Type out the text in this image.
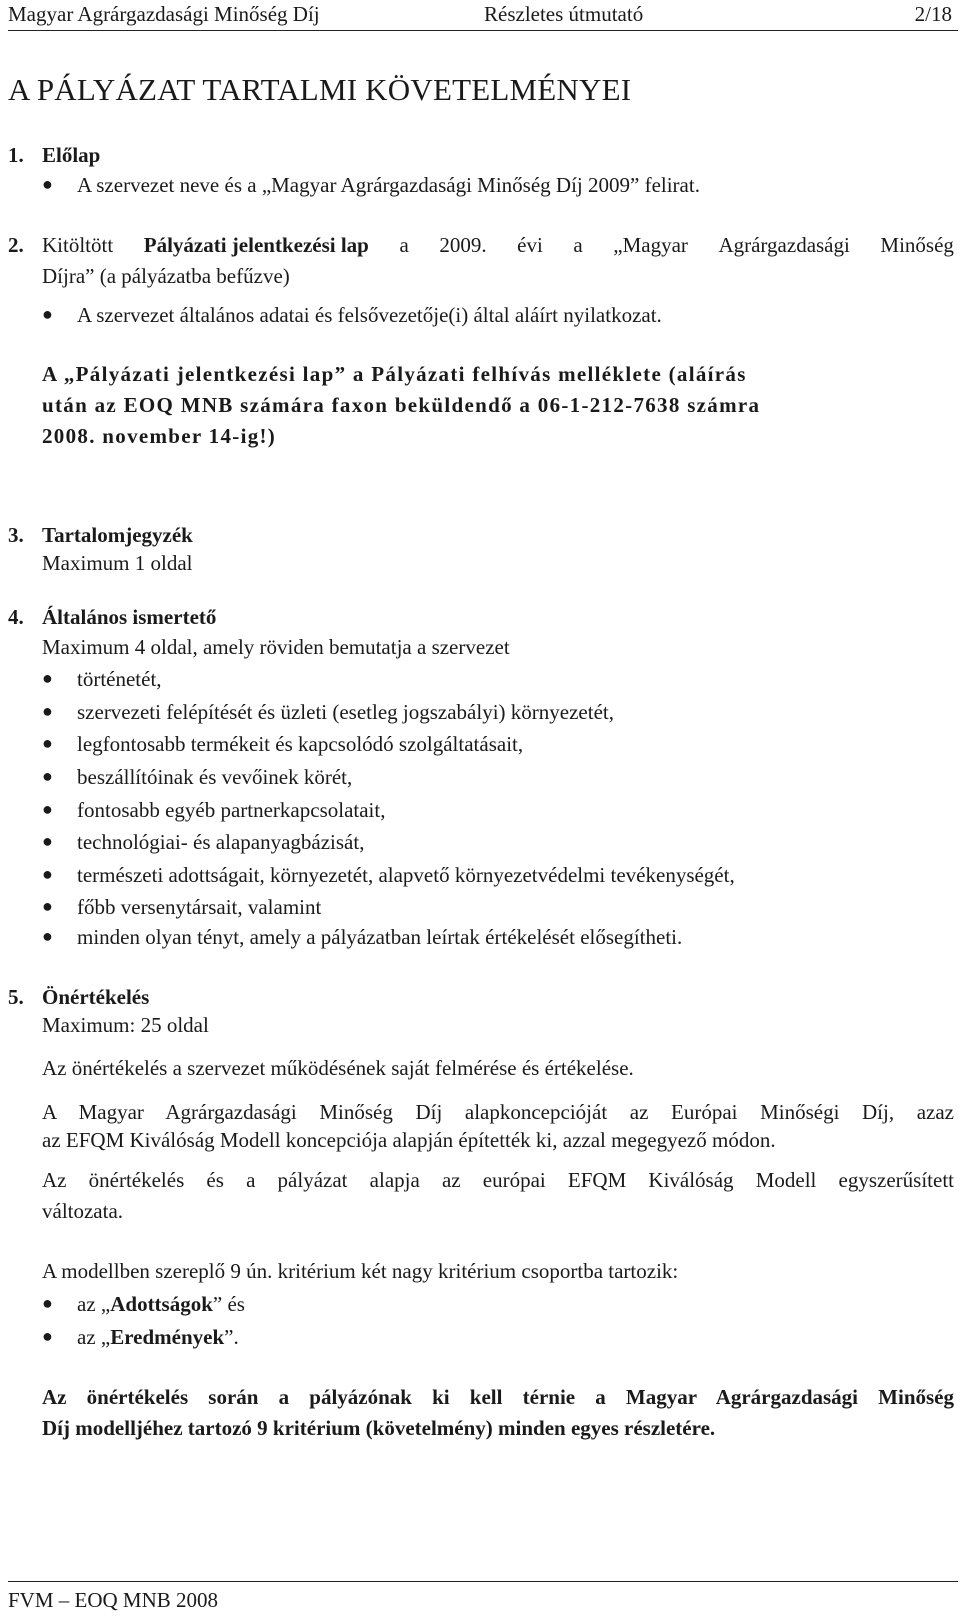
Magyar Agrárgazdasági Minőség Díj	Részletes útmutató	2/18
A PÁLYÁZAT TARTALMI KÖVETELMÉNYEI
1. Előlap
● A szervezet neve és a „Magyar Agrárgazdasági Minőség Díj 2009” felirat.
2. Kitöltött Pályázati jelentkezési lap a 2009. évi a „Magyar Agrárgazdasági Minőség
Díjra” (a pályázatba befűzve)
● A szervezet általános adatai és felsővezetője(i) által aláírt nyilatkozat.
A „Pályázati jelentkezési lap” a Pályázati felhívás melléklete (aláírás
után az EOQ MNB számára faxon beküldendő a 06-1-212-7638 számra
2008. november 14-ig!)
3. Tartalomjegyzék
Maximum 1 oldal
4. Általános ismertető
Maximum 4 oldal, amely röviden bemutatja a szervezet
● történetét,
● szervezeti felépítését és üzleti (esetleg jogszabályi) környezetét,
● legfontosabb termékeit és kapcsolódó szolgáltatásait,
● beszállítóinak és vevőinek körét,
● fontosabb egyéb partnerkapcsolatait,
● technológiai- és alapanyagbázisát,
● természeti adottságait, környezetét, alapvető környezetvédelmi tevékenységét,
● főbb versenytársait, valamint
● minden olyan tényt, amely a pályázatban leírtak értékelését elősegítheti.
5. Önértékelés
Maximum: 25 oldal
Az önértékelés a szervezet működésének saját felmérése és értékelése.
A Magyar Agrárgazdasági Minőség Díj alapkoncepcióját az Európai Minőségi Díj, azaz
az EFQM Kiválóság Modell koncepciója alapján építették ki, azzal megegyező módon.
Az önértékelés és a pályázat alapja az európai EFQM Kiválóság Modell egyszerűsített
változata.
A modellben szereplő 9 ún. kritérium két nagy kritérium csoportba tartozik:
● az „Adottságok” és
● az „Eredmények”.
Az önértékelés során a pályázónak ki kell térnie a Magyar Agrárgazdasági Minőség
Díj modelljéhez tartozó 9 kritérium (követelmény) minden egyes részletére.
FVM – EOQ MNB 2008
